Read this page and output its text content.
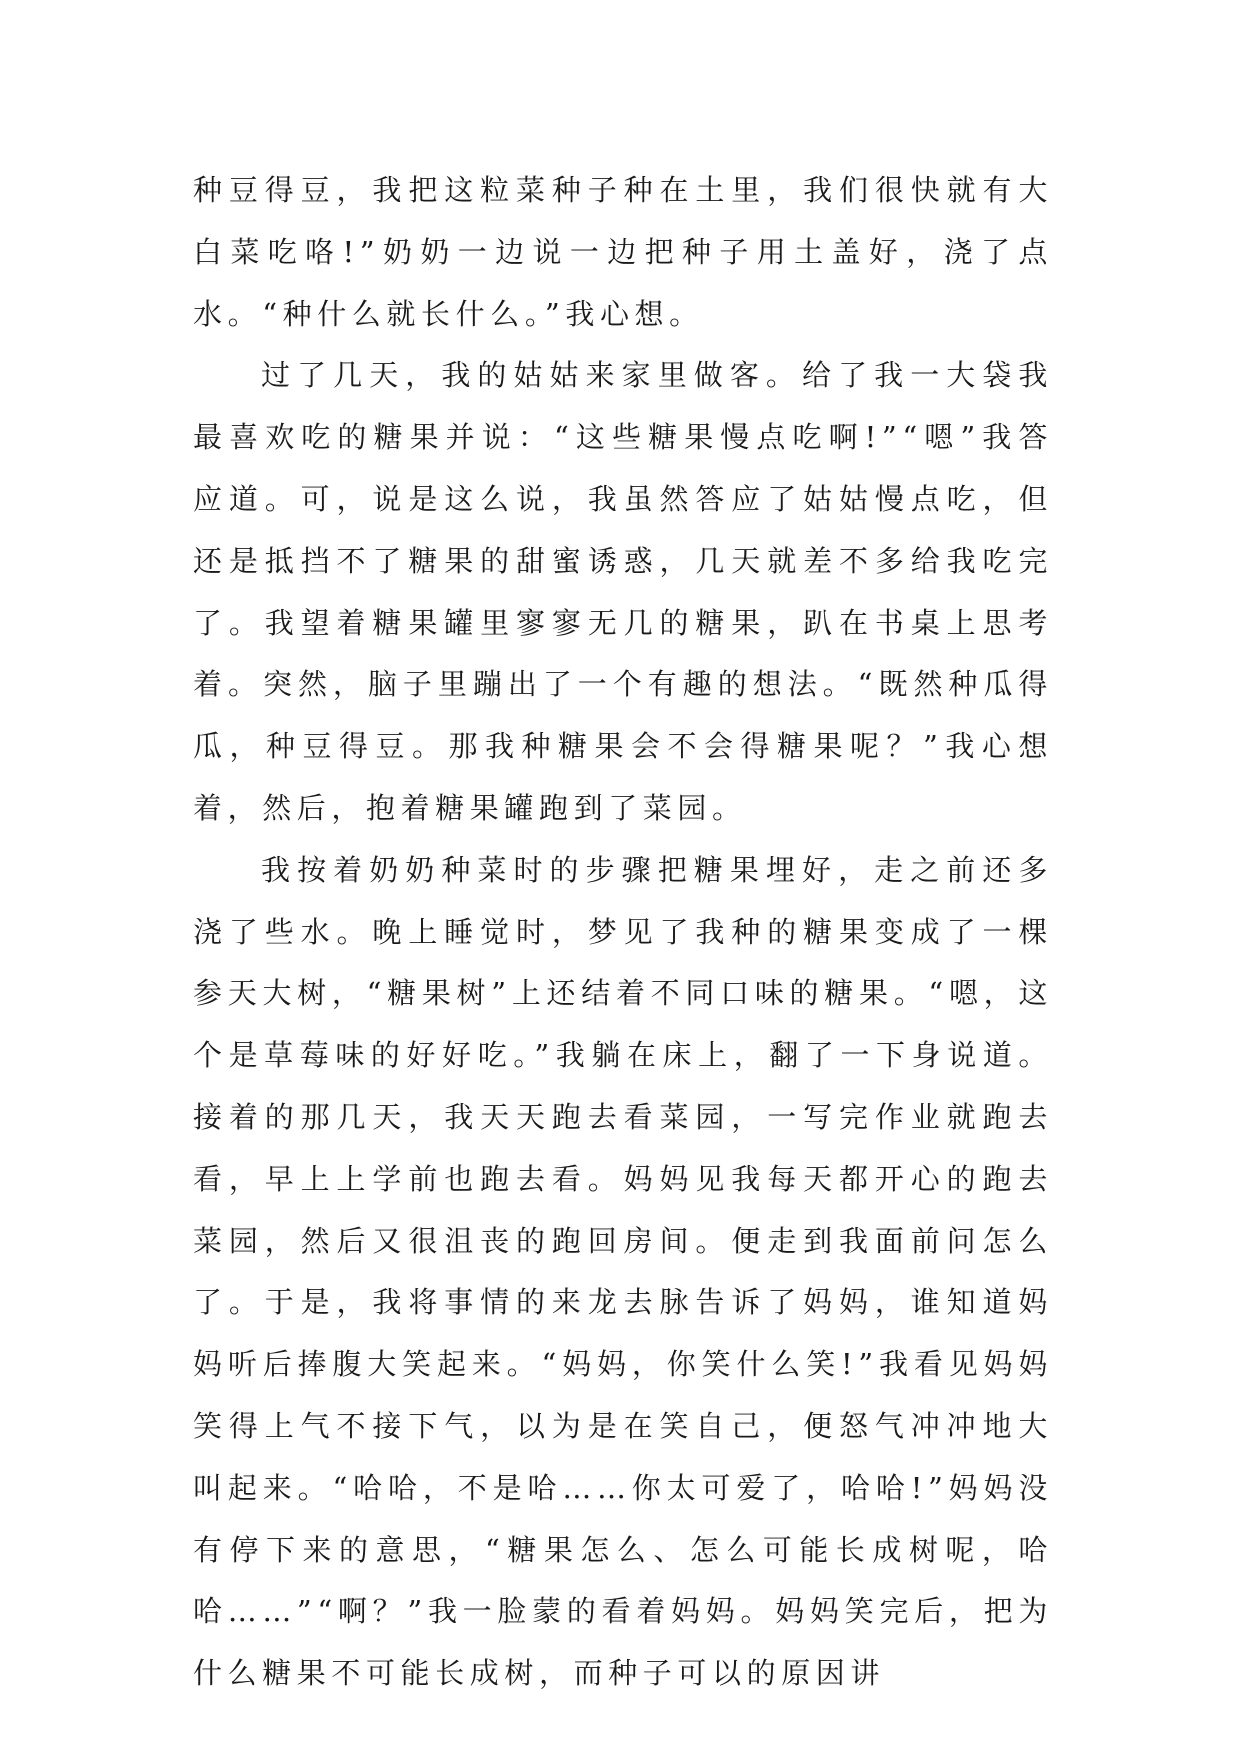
种豆得豆，我把这粒菜种子种在土里，我们很快就有大白菜吃咯!”奶奶一边说一边把种子用土盖好，浇了点水。“种什么就长什么。”我心想。

过了几天，我的姑姑来家里做客。给了我一大袋我最喜欢吃的糖果并说：“这些糖果慢点吃啊!”“嗯”我答应道。可，说是这么说，我虽然答应了姑姑慢点吃，但还是抵挡不了糖果的甜蜜诱惑，几天就差不多给我吃完了。我望着糖果罐里寥寥无几的糖果，趴在书桌上思考着。突然，脑子里蹦出了一个有趣的想法。“既然种瓜得瓜，种豆得豆。那我种糖果会不会得糖果呢？”我心想着，然后，抱着糖果罐跑到了菜园。

我按着奶奶种菜时的步骤把糖果埋好，走之前还多浇了些水。晚上睡觉时，梦见了我种的糖果变成了一棵参天大树，“糖果树”上还结着不同口味的糖果。“嗯，这个是草莓味的好好吃。”我躺在床上，翻了一下身说道。接着的那几天，我天天跑去看菜园，一写完作业就跑去看，早上上学前也跑去看。妈妈见我每天都开心的跑去菜园，然后又很沮丧的跑回房间。便走到我面前问怎么了。于是，我将事情的来龙去脉告诉了妈妈，谁知道妈妈听后捧腹大笑起来。“妈妈，你笑什么笑!”我看见妈妈笑得上气不接下气，以为是在笑自己，便怒气冲冲地大叫起来。“哈哈，不是哈……你太可爱了，哈哈!”妈妈没有停下来的意思，“糖果怎么、怎么可能长成树呢，哈哈……”“啊？”我一脸蒙的看着妈妈。妈妈笑完后，把为什么糖果不可能长成树，而种子可以的原因讲
